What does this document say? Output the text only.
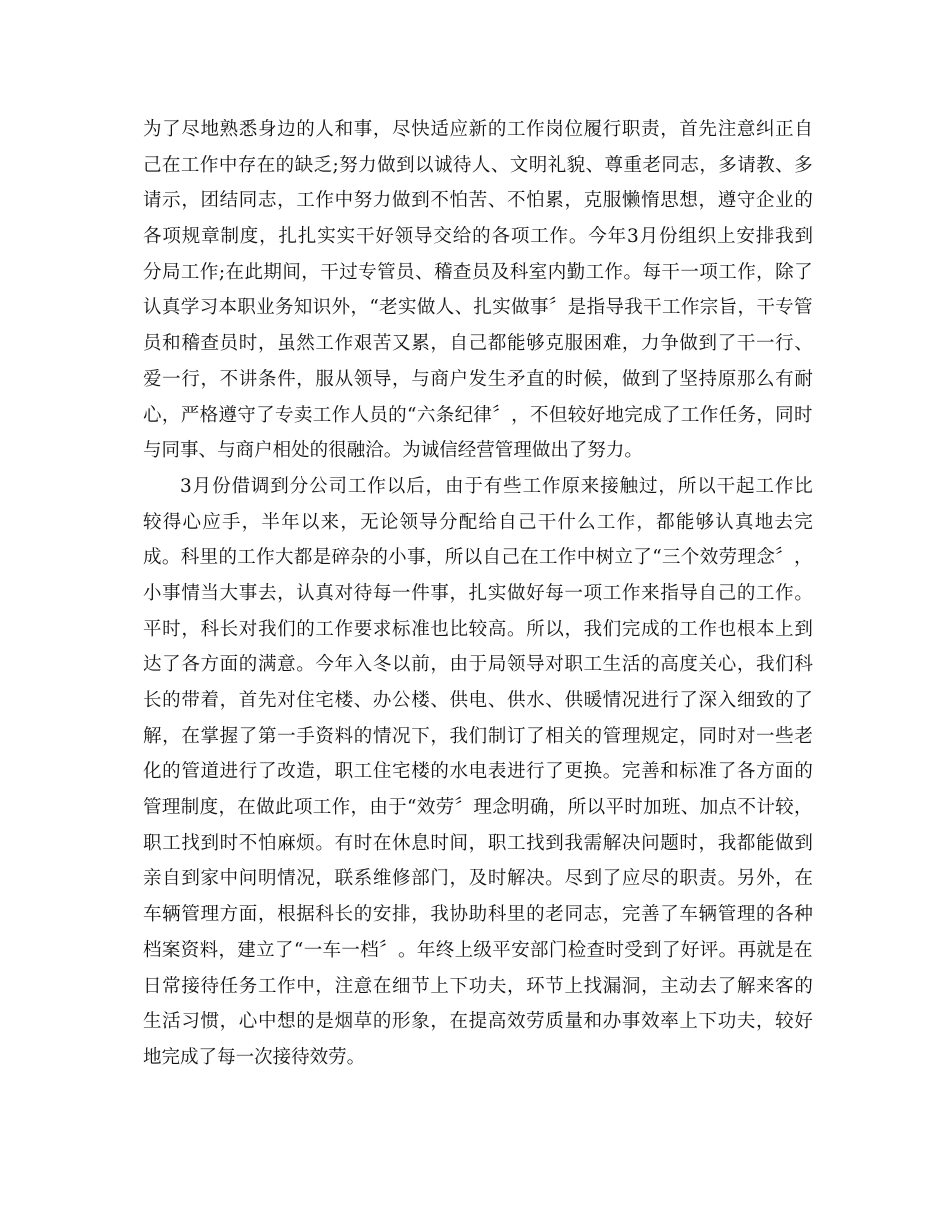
为 了 尽 地 熟 悉 身 边 的 人 和 事 ， 尽 快 适 应 新 的 工 作 岗 位 履 行 职 责 ， 首 先 注 意 纠 正 自
己 在 工 作 中 存 在 的 缺 乏 ; 努 力 做 到 以 诚 待 人 、 文 明 礼 貌 、 尊 重 老 同 志 ， 多 请 教 、 多
请 示 ， 团 结 同 志 ， 工 作 中 努 力 做 到 不 怕 苦 、 不 怕 累 ， 克 服 懒 惰 思 想 ， 遵 守 企 业 的
各 项 规 章 制 度 ， 扎 扎 实 实 干 好 领 导 交 给 的 各 项 工 作 。 今 年 3 月 份 组 织 上 安 排 我 到
分 局 工 作 ; 在 此 期 间 ， 干 过 专 管 员 、 稽 查 员 及 科 室 内 勤 工 作 。 每 干 一 项 工 作 ， 除 了
认 真 学 习 本 职 业 务 知 识 外 ， “ 老 实 做 人 、 扎 实 做 事 〞 是 指 导 我 干 工 作 宗 旨 ， 干 专 管
员 和 稽 查 员 时 ， 虽 然 工 作 艰 苦 又 累 ， 自 己 都 能 够 克 服 困 难 ， 力 争 做 到 了 干 一 行 、
爱 一 行 ， 不 讲 条 件 ， 服 从 领 导 ， 与 商 户 发 生 矛 直 的 时 候 ， 做 到 了 坚 持 原 那 么 有 耐
心 ， 严 格 遵 守 了 专 卖 工 作 人 员 的 “ 六 条 纪 律 〞 ， 不 但 较 好 地 完 成 了 工 作 任 务 ， 同 时
与 同 事 、 与 商 户 相 处 的 很 融 洽 。 为 诚 信 经 营 管 理 做 出 了 努 力 。
3 月 份 借 调 到 分 公 司 工 作 以 后 ， 由 于 有 些 工 作 原 来 接 触 过 ， 所 以 干 起 工 作 比
较 得 心 应 手 ， 半 年 以 来 ， 无 论 领 导 分 配 给 自 己 干 什 么 工 作 ， 都 能 够 认 真 地 去 完
成 。 科 里 的 工 作 大 都 是 碎 杂 的 小 事 ， 所 以 自 己 在 工 作 中 树 立 了 “ 三 个 效 劳 理 念 〞 ，
小 事 情 当 大 事 去 ， 认 真 对 待 每 一 件 事 ， 扎 实 做 好 每 一 项 工 作 来 指 导 自 己 的 工 作 。
平 时 ， 科 长 对 我 们 的 工 作 要 求 标 准 也 比 较 高 。 所 以 ， 我 们 完 成 的 工 作 也 根 本 上 到
达 了 各 方 面 的 满 意 。 今 年 入 冬 以 前 ， 由 于 局 领 导 对 职 工 生 活 的 高 度 关 心 ， 我 们 科
长 的 带 着 ， 首 先 对 住 宅 楼 、 办 公 楼 、 供 电 、 供 水 、 供 暖 情 况 进 行 了 深 入 细 致 的 了
解 ， 在 掌 握 了 第 一 手 资 料 的 情 况 下 ， 我 们 制 订 了 相 关 的 管 理 规 定 ， 同 时 对 一 些 老
化 的 管 道 进 行 了 改 造 ， 职 工 住 宅 楼 的 水 电 表 进 行 了 更 换 。 完 善 和 标 准 了 各 方 面 的
管 理 制 度 ， 在 做 此 项 工 作 ， 由 于 “ 效 劳 〞 理 念 明 确 ， 所 以 平 时 加 班 、 加 点 不 计 较 ，
职 工 找 到 时 不 怕 麻 烦 。 有 时 在 休 息 时 间 ， 职 工 找 到 我 需 解 决 问 题 时 ， 我 都 能 做 到
亲 自 到 家 中 问 明 情 况 ， 联 系 维 修 部 门 ， 及 时 解 决 。 尽 到 了 应 尽 的 职 责 。 另 外 ， 在
车 辆 管 理 方 面 ， 根 据 科 长 的 安 排 ， 我 协 助 科 里 的 老 同 志 ， 完 善 了 车 辆 管 理 的 各 种
档 案 资 料 ， 建 立 了 “ 一 车 一 档 〞 。 年 终 上 级 平 安 部 门 检 查 时 受 到 了 好 评 。 再 就 是 在
日 常 接 待 任 务 工 作 中 ， 注 意 在 细 节 上 下 功 夫 ， 环 节 上 找 漏 洞 ， 主 动 去 了 解 来 客 的
生 活 习 惯 ， 心 中 想 的 是 烟 草 的 形 象 ， 在 提 高 效 劳 质 量 和 办 事 效 率 上 下 功 夫 ， 较 好
地 完 成 了 每 一 次 接 待 效 劳 。
